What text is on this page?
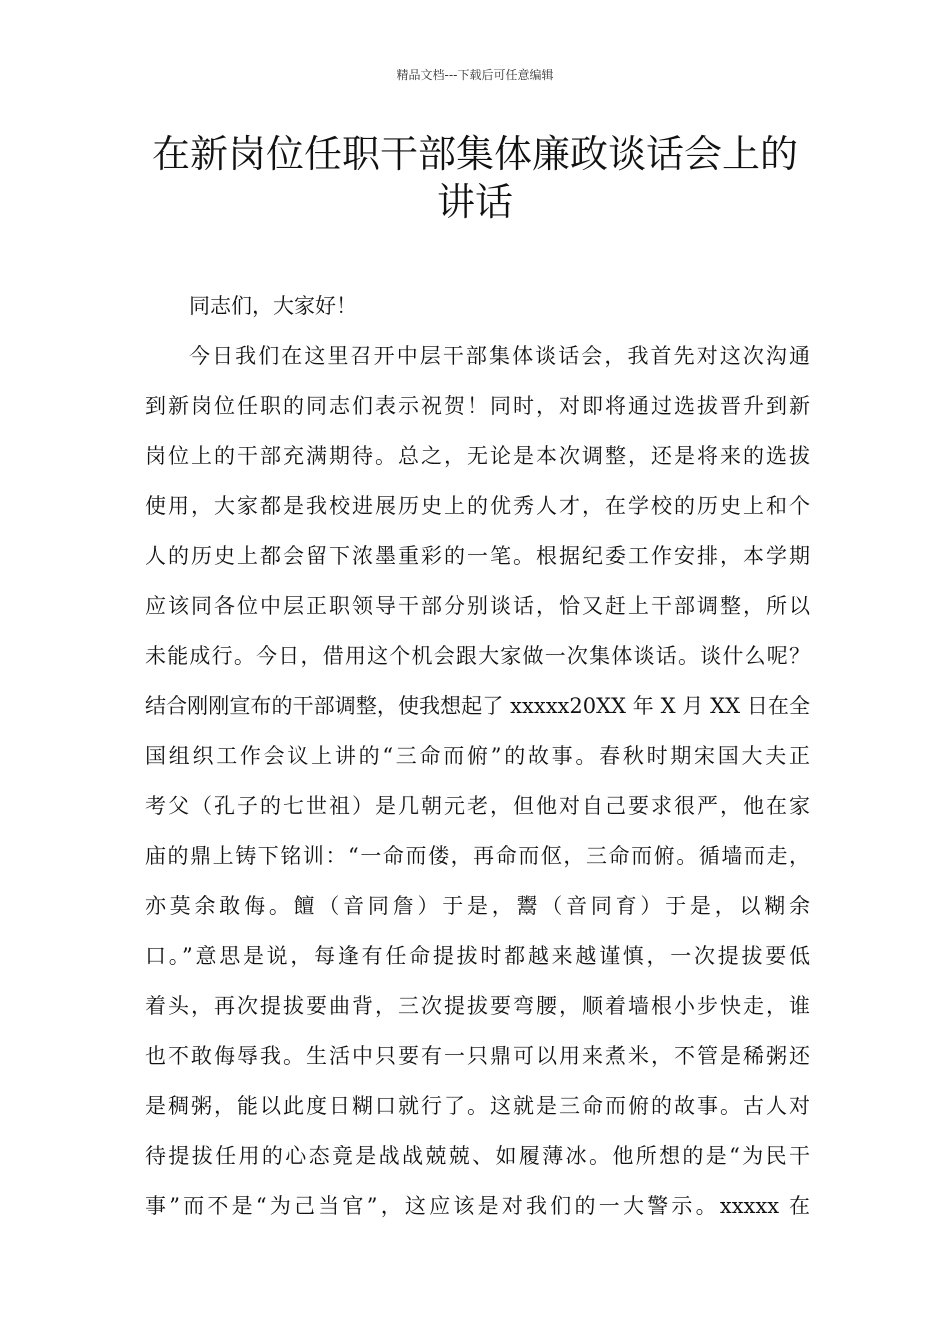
精品文档---下载后可任意编辑
在新岗位任职干部集体廉政谈话会上的
讲话
同志们，大家好！
今日我们在这里召开中层干部集体谈话会，我首先对这次沟通
到新岗位任职的同志们表示祝贺！同时，对即将通过选拔晋升到新
岗位上的干部充满期待。总之，无论是本次调整，还是将来的选拔
使用，大家都是我校进展历史上的优秀人才，在学校的历史上和个
人的历史上都会留下浓墨重彩的一笔。根据纪委工作安排，本学期
应该同各位中层正职领导干部分别谈话，恰又赶上干部调整，所以
未能成行。今日，借用这个机会跟大家做一次集体谈话。谈什么呢？
结合刚刚宣布的干部调整，使我想起了 xxxxx20XX 年 X 月 XX 日在全
国组织工作会议上讲的“三命而俯”的故事。春秋时期宋国大夫正
考父（孔子的七世祖）是几朝元老，但他对自己要求很严，他在家
庙的鼎上铸下铭训：“一命而偻，再命而伛，三命而俯。循墙而走，
亦莫余敢侮。饘（音同詹）于是，鬻（音同育）于是，以糊余
口。”意思是说，每逢有任命提拔时都越来越谨慎，一次提拔要低
着头，再次提拔要曲背，三次提拔要弯腰，顺着墙根小步快走，谁
也不敢侮辱我。生活中只要有一只鼎可以用来煮米，不管是稀粥还
是稠粥，能以此度日糊口就行了。这就是三命而俯的故事。古人对
待提拔任用的心态竟是战战兢兢、如履薄冰。他所想的是“为民干
事”而不是“为己当官”，这应该是对我们的一大警示。xxxxx 在
